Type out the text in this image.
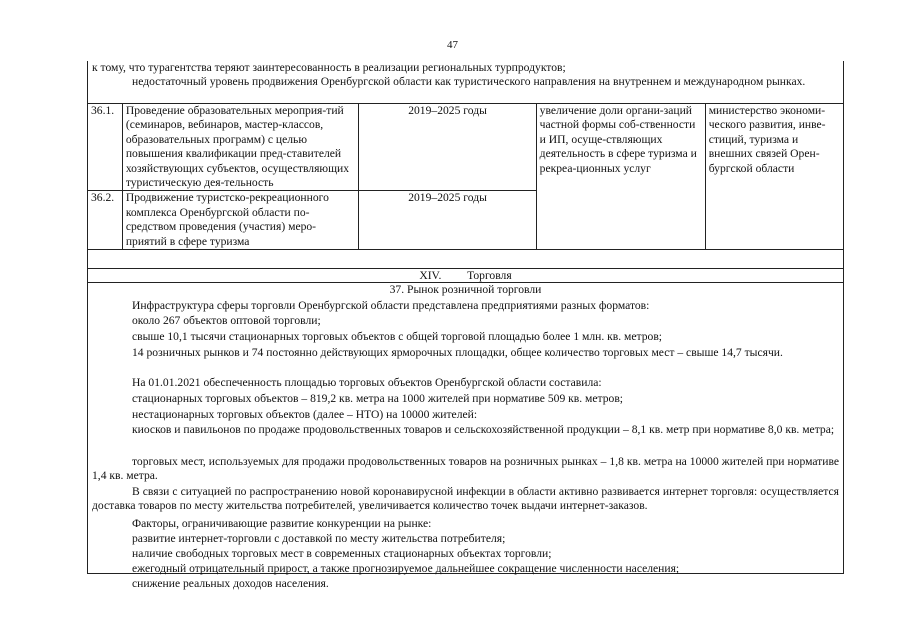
47
к тому, что турагентства теряют заинтересованность в реализации региональных турпродуктов;
недостаточный уровень продвижения Оренбургской области как туристического направления на внутреннем и международном рынках.
36.1.	Проведение образовательных мероприя-тий (семинаров, вебинаров, мастер-классов, образовательных программ) с целью повышения квалификации пред-ставителей хозяйствующих субъектов, осуществляющих туристическую дея-тельность	2019–2025 годы	увеличение доли органи-заций частной формы соб-ственности и ИП, осуще-ствляющих деятельность в сфере туризма и рекреа-ционных услуг	министерство экономи-ческого развития, инве-стиций, туризма и внешних связей Орен-бургской области
36.2.	Продвижение туристско-рекреационного комплекса Оренбургской области по-средством проведения (участия) меро-приятий в сфере туризма	2019–2025 годы		
XIV. Торговля
37. Рынок розничной торговли
Инфраструктура сферы торговли Оренбургской области представлена предприятиями разных форматов:
около 267 объектов оптовой торговли;
свыше 10,1 тысячи стационарных торговых объектов с общей торговой площадью более 1 млн. кв. метров;
14 розничных рынков и 74 постоянно действующих ярморочных площадки, общее количество торговых мест – свыше 14,7 тысячи.
На 01.01.2021 обеспеченность площадью торговых объектов Оренбургской области составила:
стационарных торговых объектов – 819,2 кв. метра на 1000 жителей при нормативе 509 кв. метров;
нестационарных торговых объектов (далее – НТО) на 10000 жителей:
киосков и павильонов по продаже продовольственных товаров и сельскохозяйственной продукции – 8,1 кв. метр при нормативе 8,0 кв. метра;
торговых мест, используемых для продажи продовольственных товаров на розничных рынках – 1,8 кв. метра на 10000 жителей при нормативе 1,4 кв. метра.
В связи с ситуацией по распространению новой коронавирусной инфекции в области активно развивается интернет торговля: осуществляется доставка товаров по месту жительства потребителей, увеличивается количество точек выдачи интернет-заказов.
Факторы, ограничивающие развитие конкуренции на рынке:
развитие интернет-торговли с доставкой по месту жительства потребителя;
наличие свободных торговых мест в современных стационарных объектах торговли;
ежегодный отрицательный прирост, а также прогнозируемое дальнейшее сокращение численности населения;
снижение реальных доходов населения.
